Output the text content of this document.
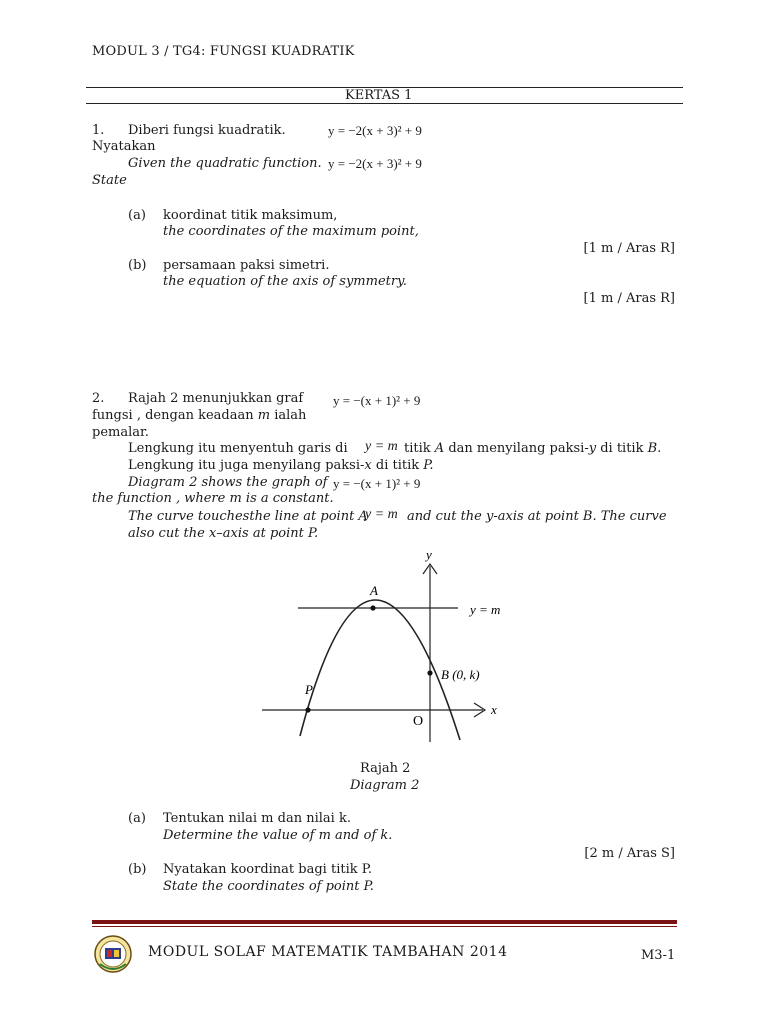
MODUL 3 / TG4: FUNGSI KUADRATIK
KERTAS 1
1. Diberi fungsi kuadratik.	y = −2(x + 3)² + 9
Nyatakan
Given the quadratic function. y = −2(x + 3)² + 9
State
(a) koordinat titik maksimum,
the coordinates of the maximum point,
[1 m / Aras R]
(b) persamaan paksi simetri.
the equation of the axis of symmetry.
[1 m / Aras R]
2. Rajah 2 menunjukkan graf y = −(x + 1)² + 9
fungsi , dengan keadaan m ialah
pemalar.
Lengkung itu menyentuh garis di y = m titik A dan menyilang paksi-y di titik B.
Lengkung itu juga menyilang paksi-x di titik P.
Diagram 2 shows the graph of y = −(x + 1)² + 9
the function , where m is a constant.
The curve touchesthe line at point A
y = m and cut the y-axis at point B. The curve
also cut the x–axis at point P.
y
x
A
y = m
B (0, k)
P
O
Rajah 2
Diagram 2
(a) Tentukan nilai m dan nilai k.
Determine the value of m and of k.
[2 m / Aras S]
(b) Nyatakan koordinat bagi titik P.
State the coordinates of point P.
MODUL SOLAF MATEMATIK TAMBAHAN 2014	M3-1
